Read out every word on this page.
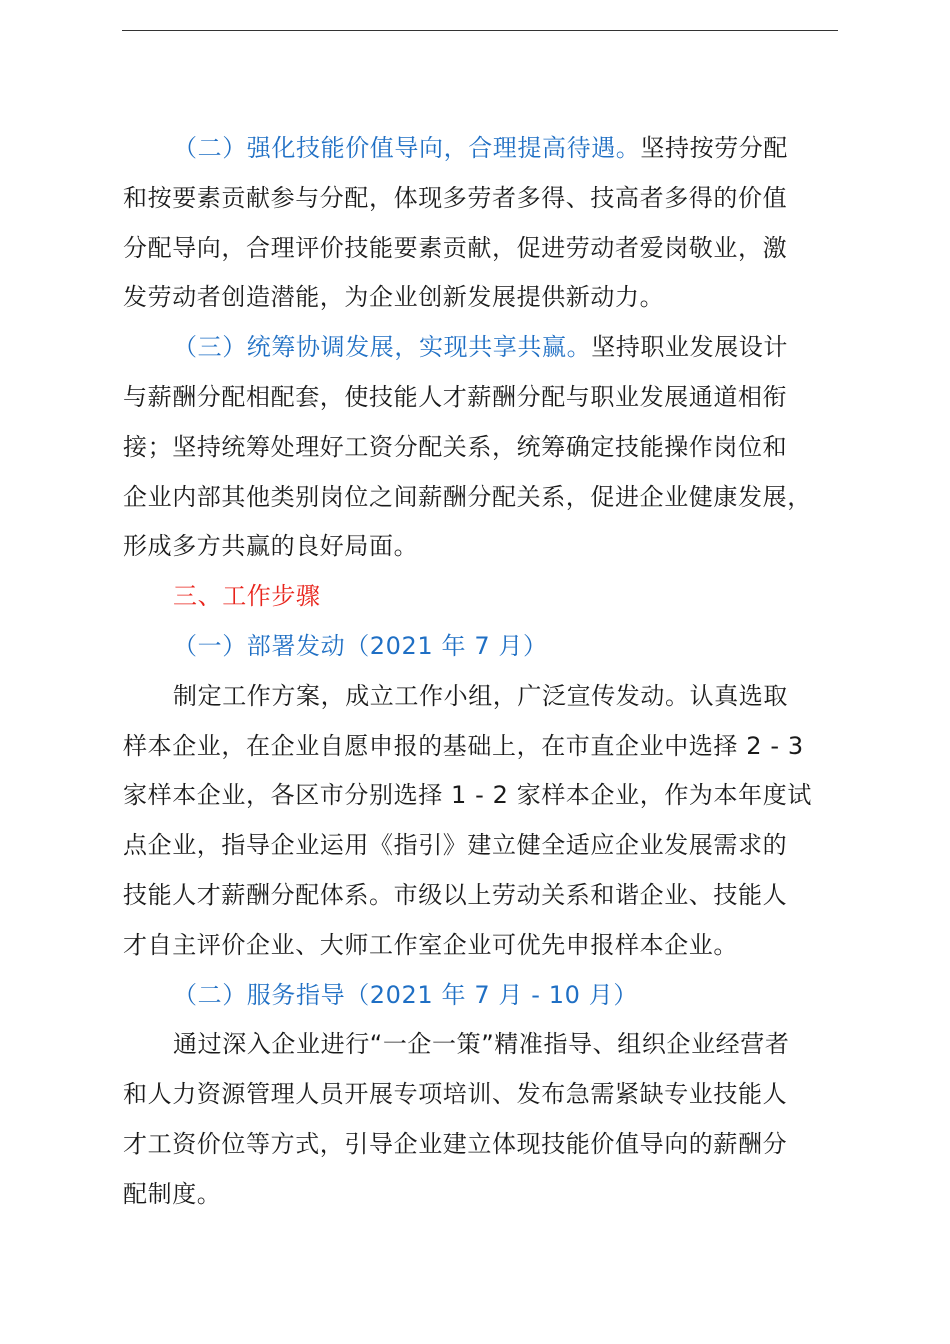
（二）强化技能价值导向，合理提高待遇。坚持按劳分配
和按要素贡献参与分配，体现多劳者多得、技高者多得的价值
分配导向，合理评价技能要素贡献，促进劳动者爱岗敬业，激
发劳动者创造潜能，为企业创新发展提供新动力。
（三）统筹协调发展，实现共享共赢。坚持职业发展设计
与薪酬分配相配套，使技能人才薪酬分配与职业发展通道相衔
接；坚持统筹处理好工资分配关系，统筹确定技能操作岗位和
企业内部其他类别岗位之间薪酬分配关系，促进企业健康发展，
形成多方共赢的良好局面。
三、工作步骤
（一）部署发动（2021 年 7 月）
制定工作方案，成立工作小组，广泛宣传发动。认真选取
样本企业，在企业自愿申报的基础上，在市直企业中选择 2 - 3
家样本企业，各区市分别选择 1 - 2 家样本企业，作为本年度试
点企业，指导企业运用《指引》建立健全适应企业发展需求的
技能人才薪酬分配体系。市级以上劳动关系和谐企业、技能人
才自主评价企业、大师工作室企业可优先申报样本企业。
（二）服务指导（2021 年 7 月 - 10 月）
通过深入企业进行“一企一策”精准指导、组织企业经营者
和人力资源管理人员开展专项培训、发布急需紧缺专业技能人
才工资价位等方式，引导企业建立体现技能价值导向的薪酬分
配制度。
